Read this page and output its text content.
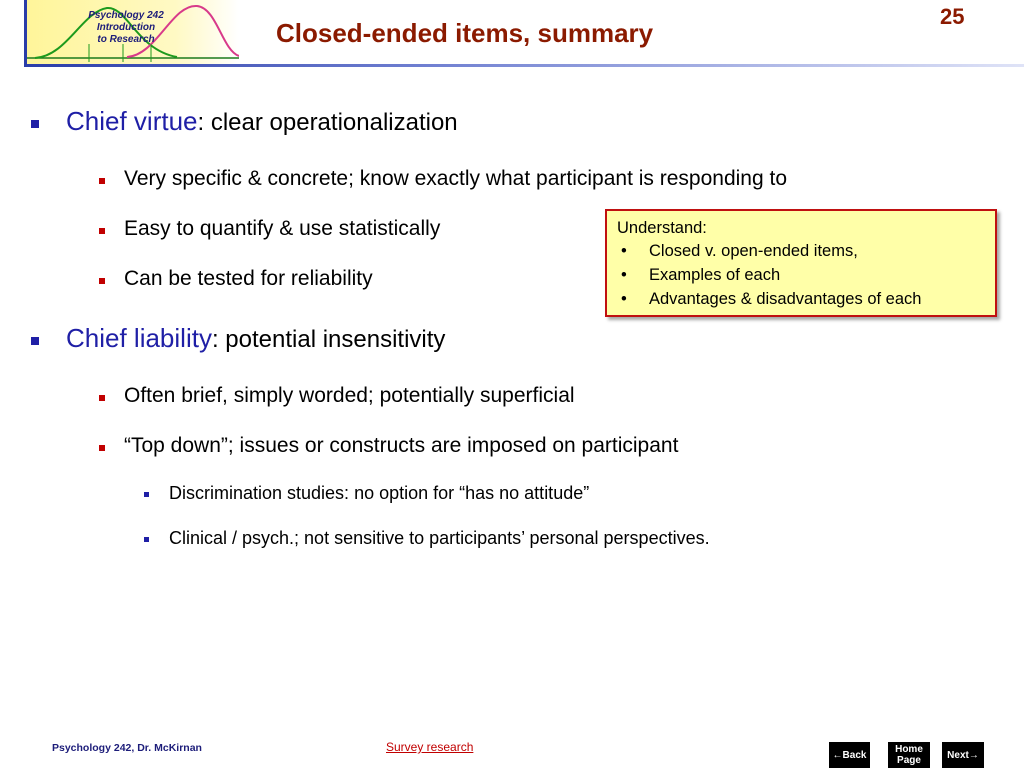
Psychology 242
Introduction
to Research	Closed-ended items, summary
25
Chief virtue: clear operationalization
Very specific & concrete; know exactly what participant is responding to
Easy to quantify & use statistically
Can be tested for reliability
Chief liability: potential insensitivity
Often brief, simply worded; potentially superficial
“Top down”; issues or constructs are imposed on participant
Discrimination studies: no option for “has no attitude”
Clinical / psych.; not sensitive to participants’ personal perspectives.
Understand:
• Closed v. open-ended items,
• Examples of each
• Advantages & disadvantages of each
Psychology 242, Dr. McKirnan	Survey research
←Back	Home
Page	Next→
